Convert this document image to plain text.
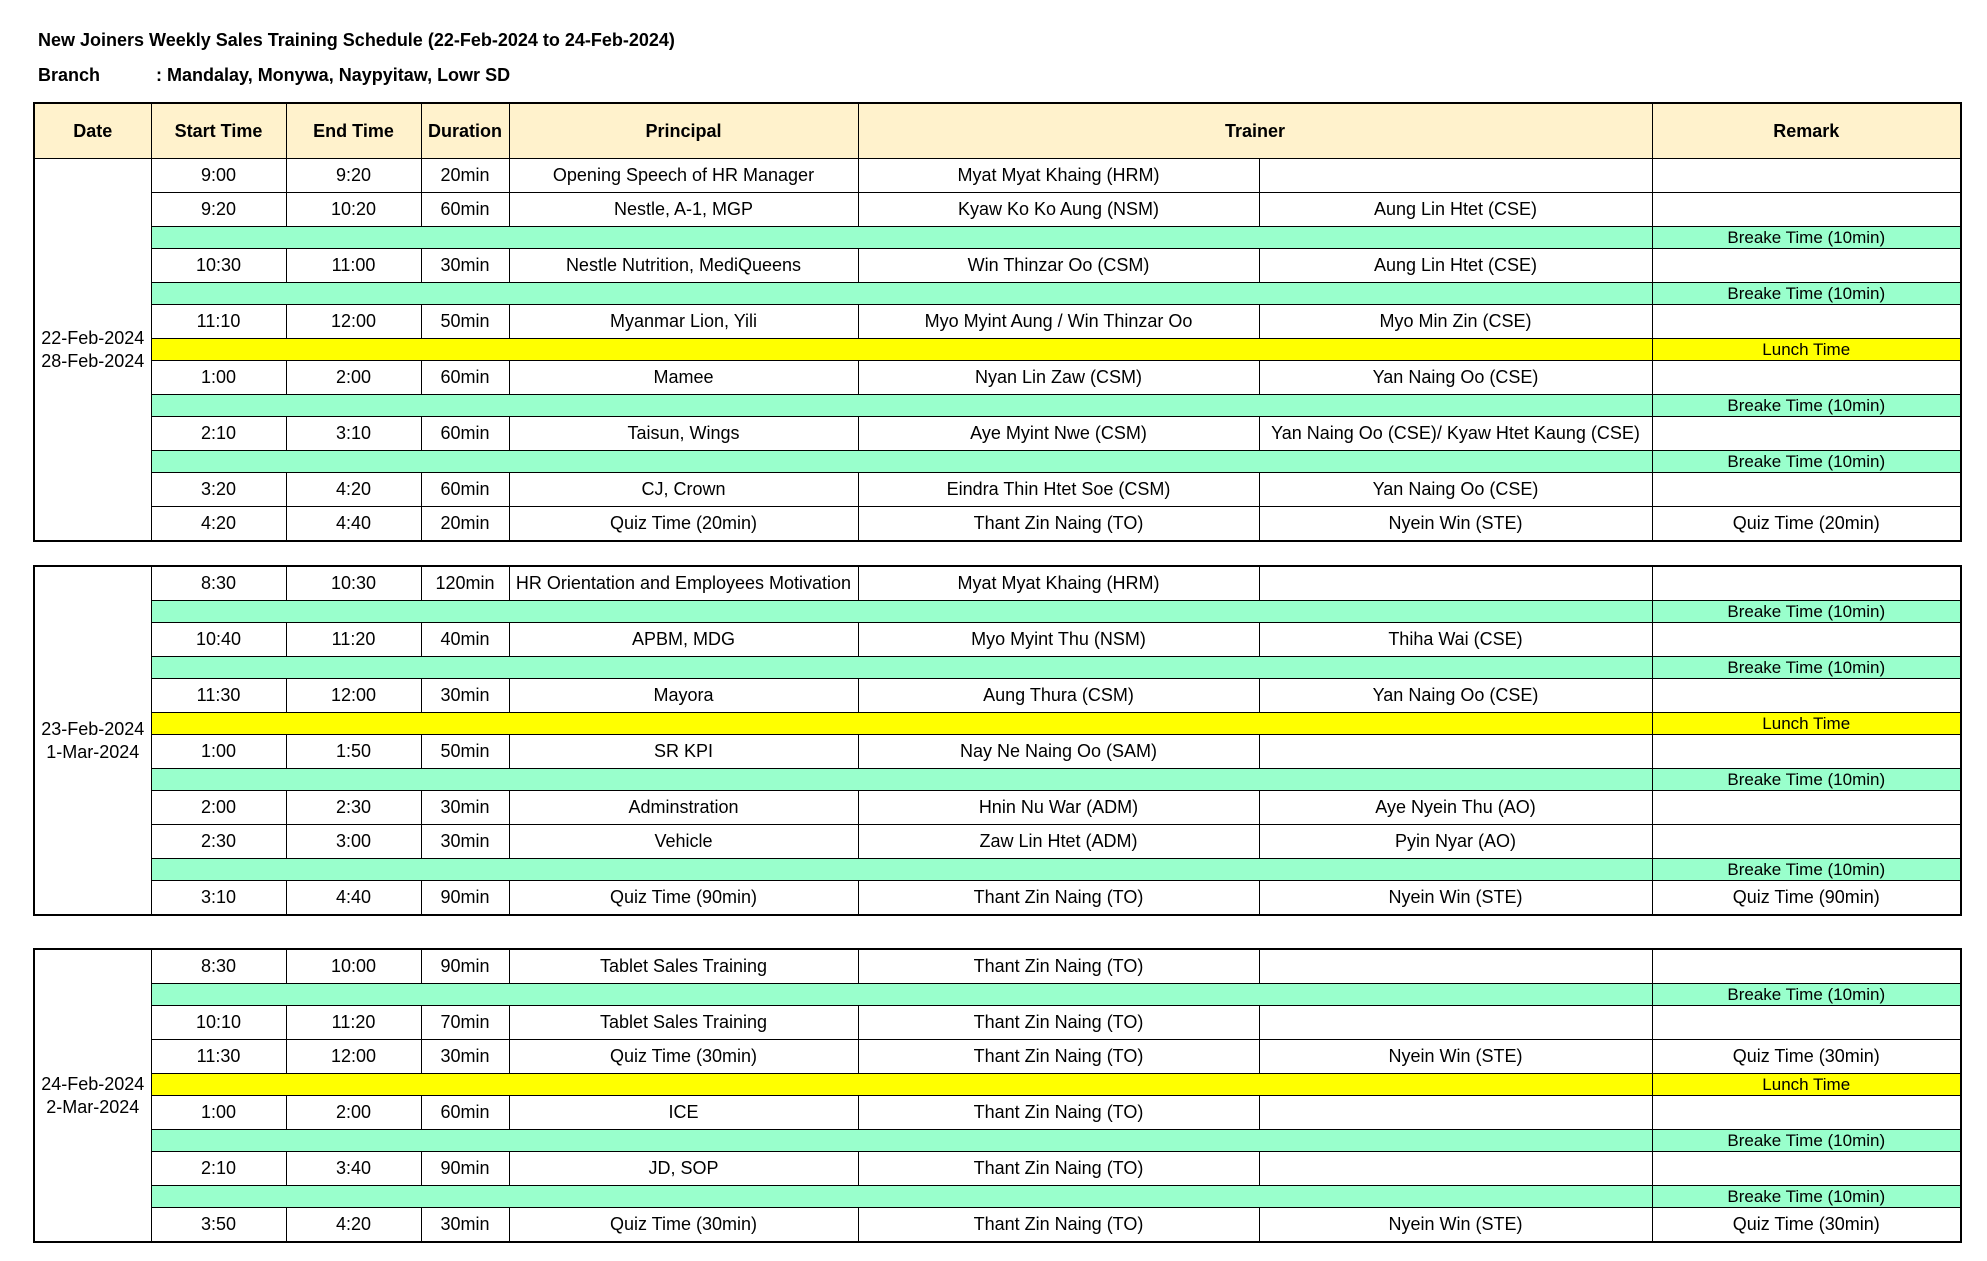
New Joiners Weekly Sales Training Schedule (22-Feb-2024 to 24-Feb-2024)
Branch	: Mandalay, Monywa, Naypyitaw, Lowr SD
Date	Start Time	End Time	Duration	Principal	Trainer		Remark

22-Feb-2024
28-Feb-2024	9:00	9:20	20min	Opening Speech of HR Manager	Myat Myat Khaing (HRM)		
	9:20	10:20	60min	Nestle, A-1, MGP	Kyaw Ko Ko Aung (NSM)	Aung Lin Htet (CSE)	
							Breake Time (10min)
	10:30	11:00	30min	Nestle Nutrition, MediQueens	Win Thinzar Oo (CSM)	Aung Lin Htet (CSE)	
							Breake Time (10min)
	11:10	12:00	50min	Myanmar Lion, Yili	Myo Myint Aung / Win Thinzar Oo	Myo Min Zin (CSE)	
							Lunch Time
	1:00	2:00	60min	Mamee	Nyan Lin Zaw (CSM)	Yan Naing Oo (CSE)	
							Breake Time (10min)
	2:10	3:10	60min	Taisun, Wings	Aye Myint Nwe (CSM)	Yan Naing Oo (CSE)/ Kyaw Htet Kaung (CSE)	
							Breake Time (10min)
	3:20	4:20	60min	CJ, Crown	Eindra Thin Htet Soe (CSM)	Yan Naing Oo (CSE)	
	4:20	4:40	20min	Quiz Time (20min)	Thant Zin Naing (TO)	Nyein Win (STE)	Quiz Time (20min)
23-Feb-2024
1-Mar-2024	8:30	10:30	120min	HR Orientation and Employees Motivation	Myat Myat Khaing (HRM)		
							Breake Time (10min)
	10:40	11:20	40min	APBM, MDG	Myo Myint Thu (NSM)	Thiha Wai (CSE)	
							Breake Time (10min)
	11:30	12:00	30min	Mayora	Aung Thura (CSM)	Yan Naing Oo (CSE)	
							Lunch Time
	1:00	1:50	50min	SR KPI	Nay Ne Naing Oo (SAM)		
							Breake Time (10min)
	2:00	2:30	30min	Adminstration	Hnin Nu War (ADM)	Aye Nyein Thu (AO)	
	2:30	3:00	30min	Vehicle	Zaw Lin Htet (ADM)	Pyin Nyar (AO)	
							Breake Time (10min)
	3:10	4:40	90min	Quiz Time (90min)	Thant Zin Naing (TO)	Nyein Win (STE)	Quiz Time (90min)
24-Feb-2024
2-Mar-2024	8:30	10:00	90min	Tablet Sales Training	Thant Zin Naing (TO)		
							Breake Time (10min)
	10:10	11:20	70min	Tablet Sales Training	Thant Zin Naing (TO)		
	11:30	12:00	30min	Quiz Time (30min)	Thant Zin Naing (TO)	Nyein Win (STE)	Quiz Time (30min)
							Lunch Time
	1:00	2:00	60min	ICE	Thant Zin Naing (TO)		
							Breake Time (10min)
	2:10	3:40	90min	JD, SOP	Thant Zin Naing (TO)		
							Breake Time (10min)
	3:50	4:20	30min	Quiz Time (30min)	Thant Zin Naing (TO)	Nyein Win (STE)	Quiz Time (30min)
